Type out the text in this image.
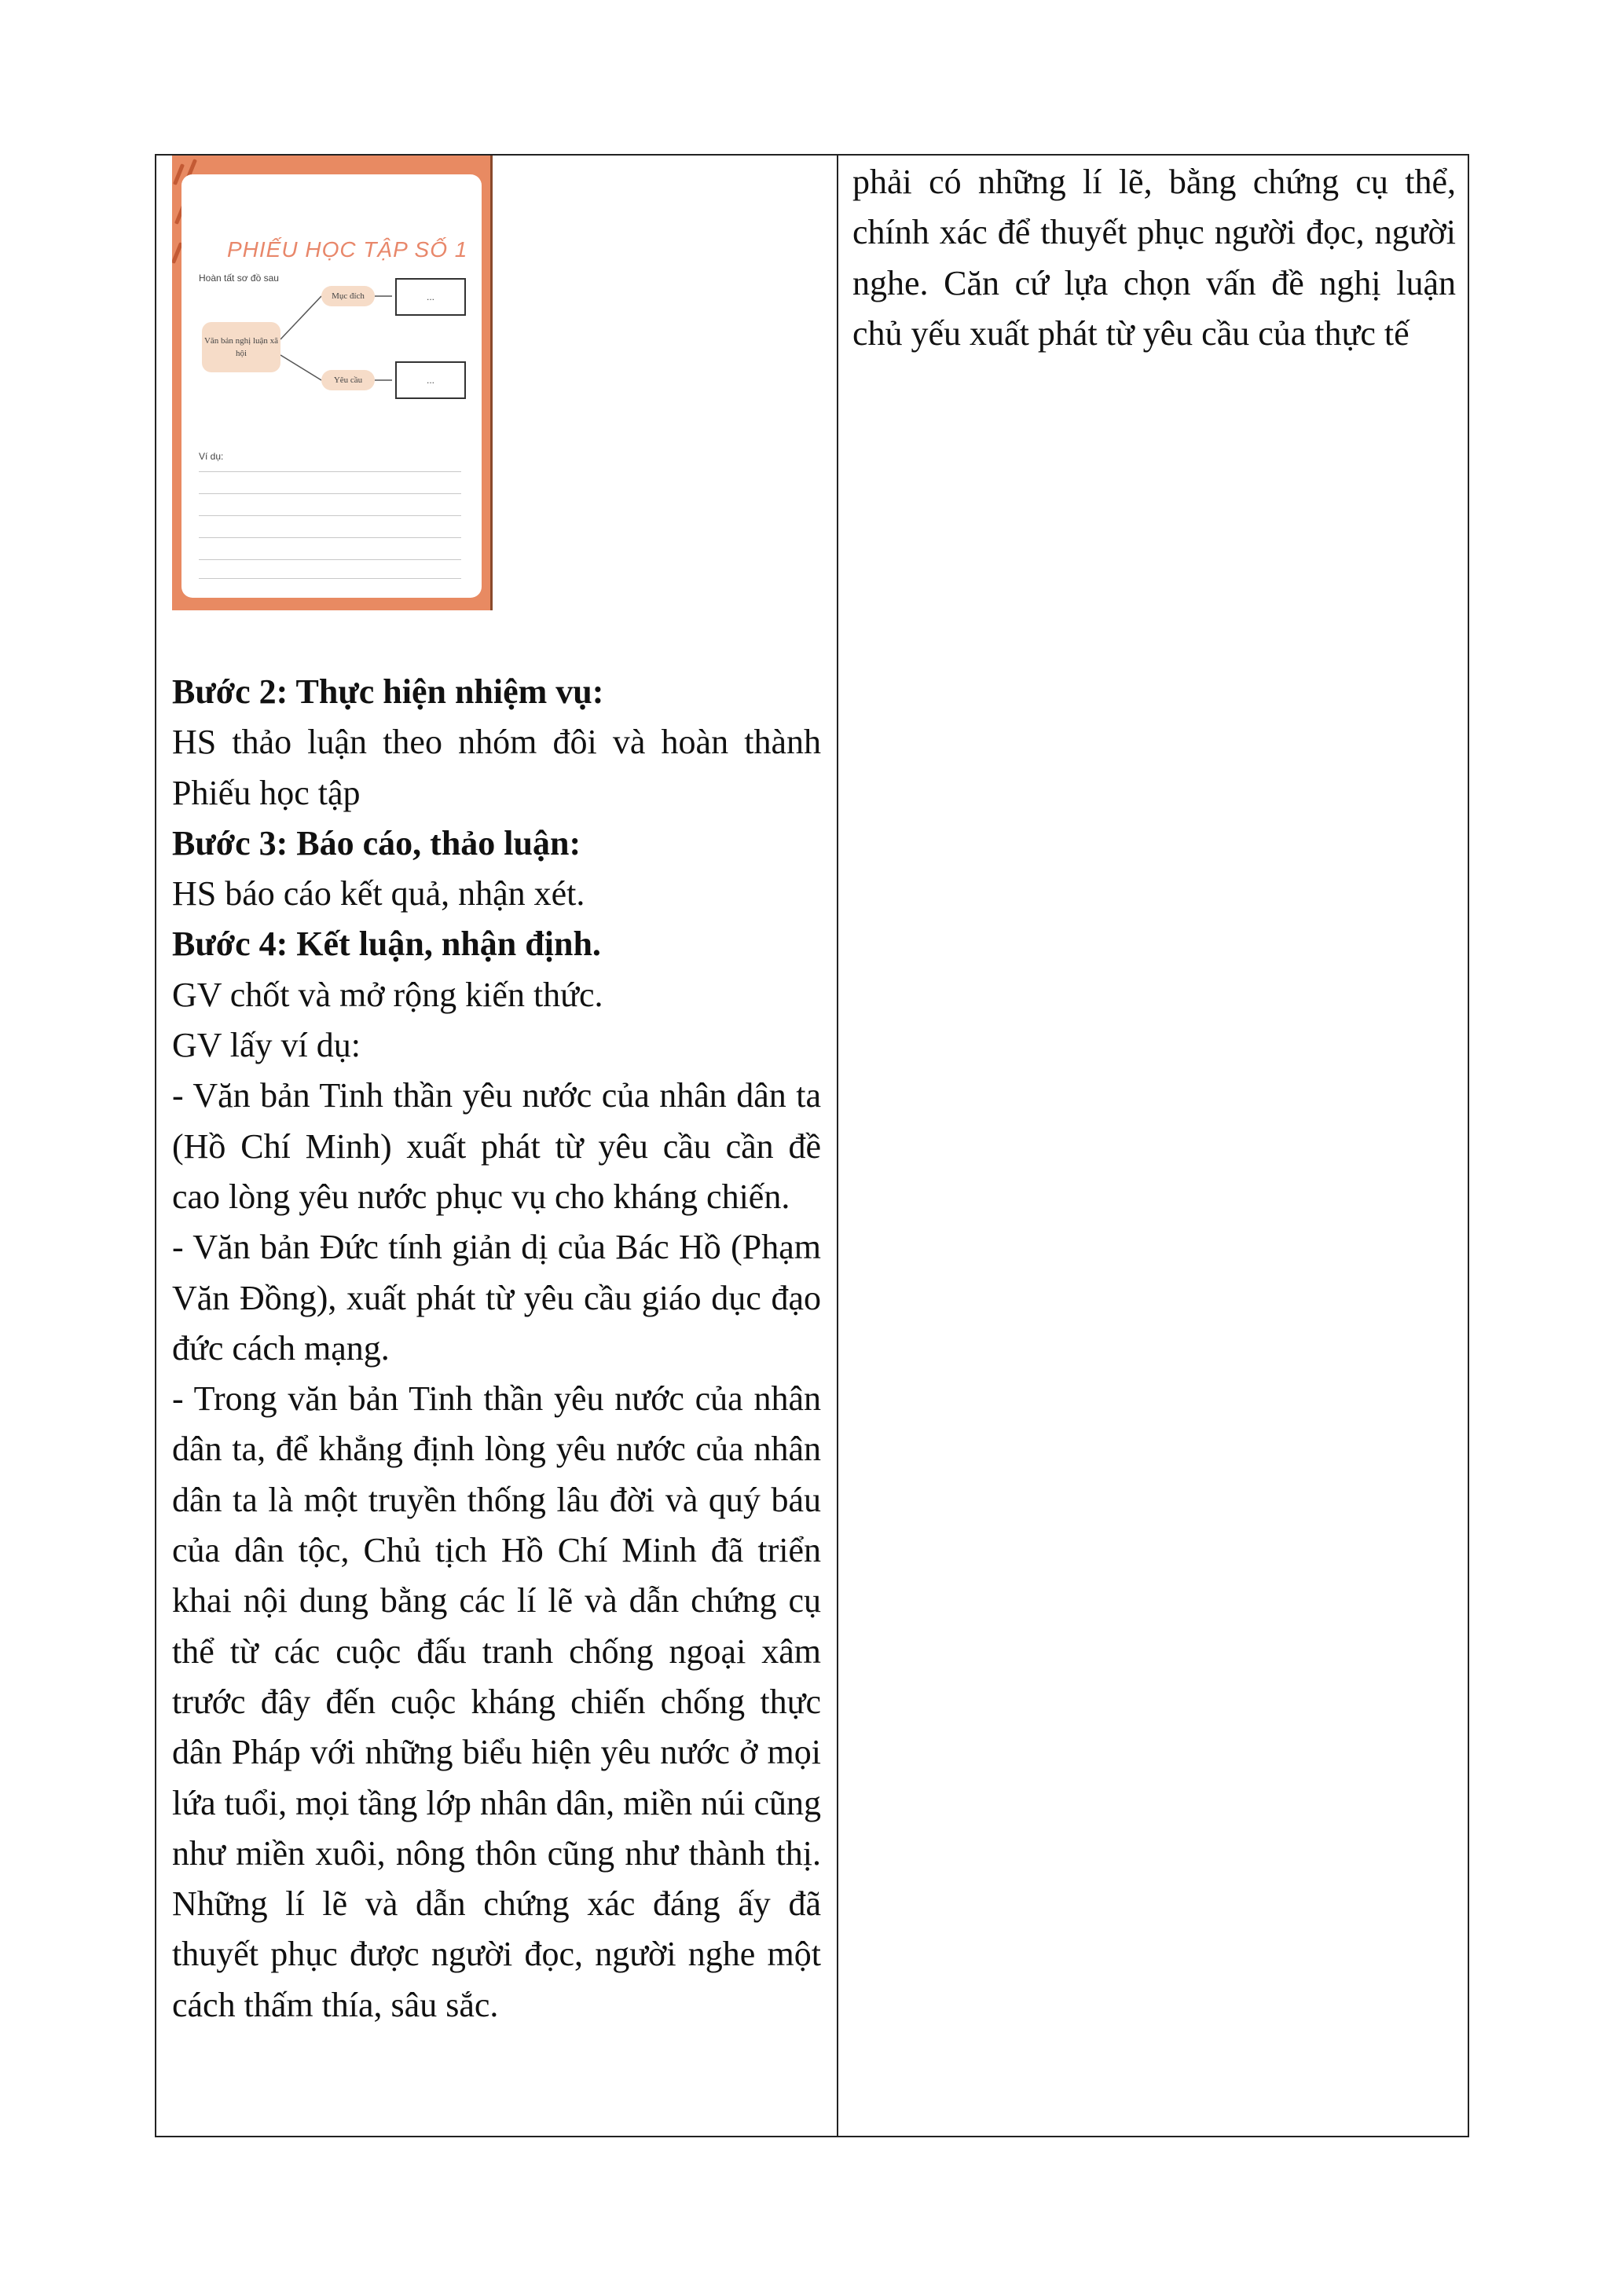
PHIẾU HỌC TẬP SỐ 1
Hoàn tất sơ đồ sau
Văn bản nghị luận xã hội
Mục đích
Yêu cầu
...
...
Ví dụ:

Bước 2: Thực hiện nhiệm vụ:

HS thảo luận theo nhóm đôi và hoàn thành Phiếu học tập

Bước 3: Báo cáo, thảo luận:

HS báo cáo kết quả, nhận xét.

Bước 4: Kết luận, nhận định.

GV chốt và mở rộng kiến thức.

GV lấy ví dụ:

- Văn bản Tinh thần yêu nước của nhân dân ta (Hồ Chí Minh) xuất phát từ yêu cầu cần đề cao lòng yêu nước phục vụ cho kháng chiến.

- Văn bản Đức tính giản dị của Bác Hồ (Phạm Văn Đồng), xuất phát từ yêu cầu giáo dục đạo đức cách mạng.

- Trong văn bản Tinh thần yêu nước của nhân dân ta, để khẳng định lòng yêu nước của nhân dân ta là một truyền thống lâu đời và quý báu của dân tộc, Chủ tịch Hồ Chí Minh đã triển khai nội dung bằng các lí lẽ và dẫn chứng cụ thể từ các cuộc đấu tranh chống ngoại xâm trước đây đến cuộc kháng chiến chống thực dân Pháp với những biểu hiện yêu nước ở mọi lứa tuổi, mọi tầng lớp nhân dân, miền núi cũng như miền xuôi, nông thôn cũng như thành thị. Những lí lẽ và dẫn chứng xác đáng ấy đã thuyết phục được người đọc, người nghe một cách thấm thía, sâu sắc.

phải có những lí lẽ, bằng chứng cụ thể, chính xác để thuyết phục người đọc, người nghe. Căn cứ lựa chọn vấn đề nghị luận chủ yếu xuất phát từ yêu cầu của thực tế
